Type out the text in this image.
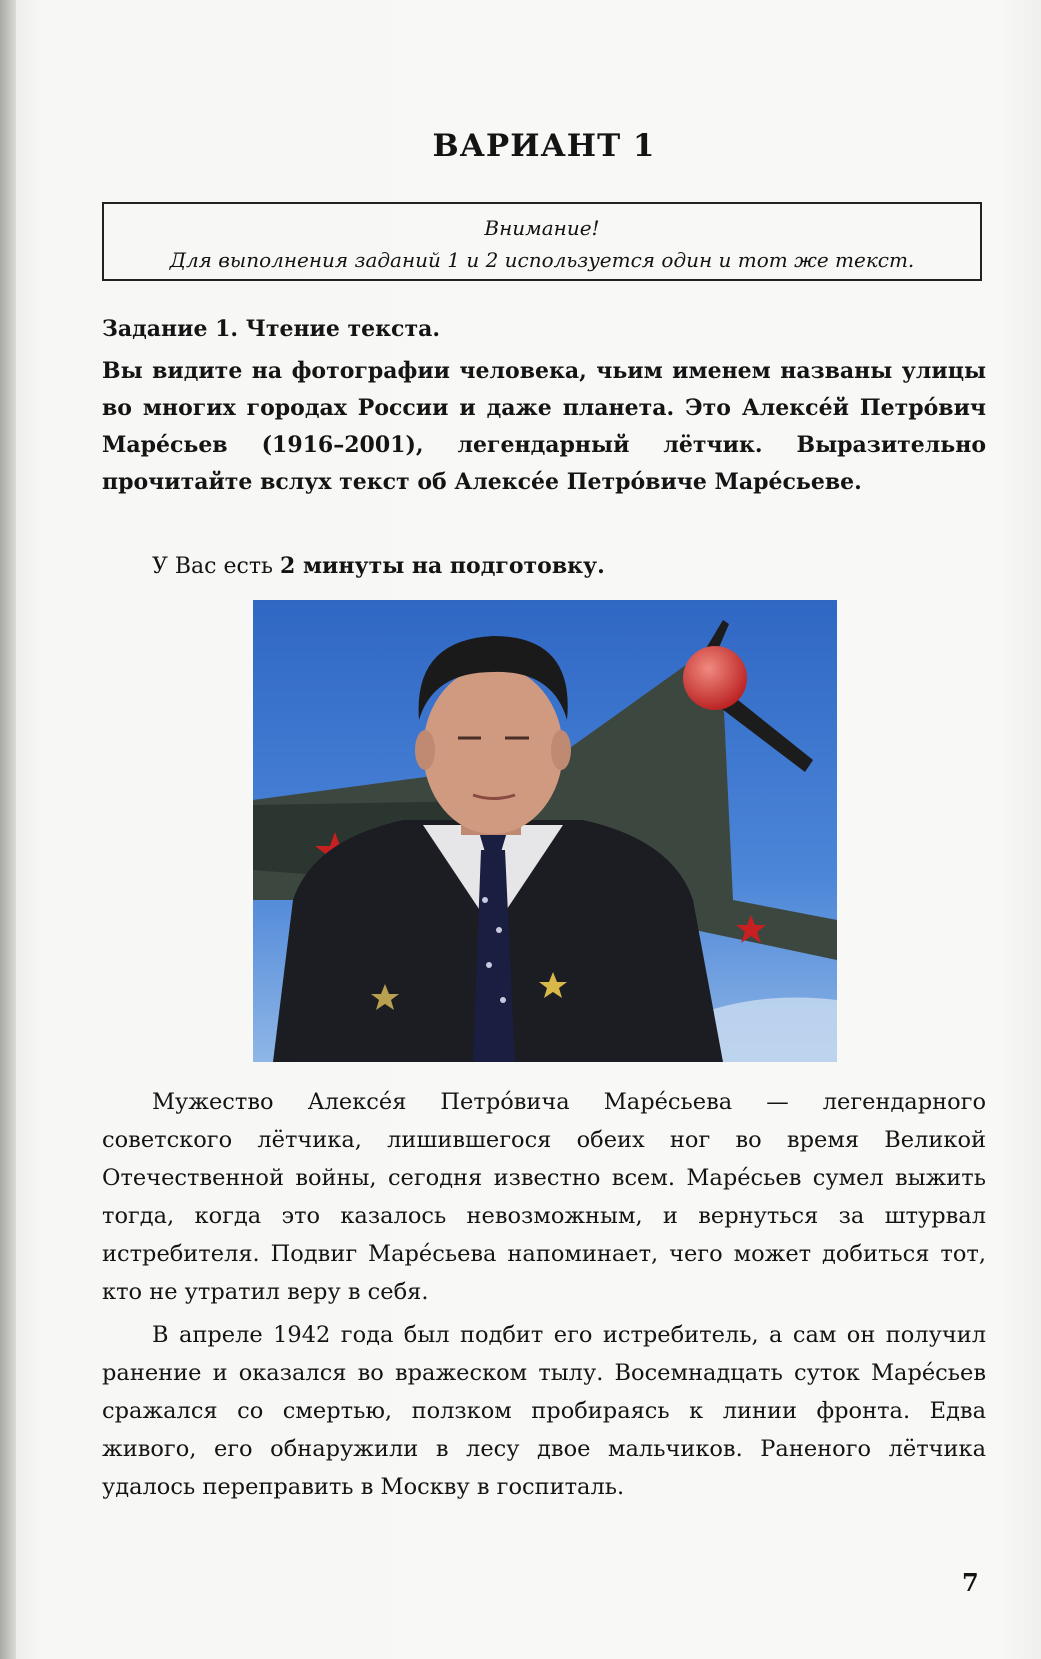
ВАРИАНТ 1
Внимание!
Для выполнения заданий 1 и 2 используется один и тот же текст.
Задание 1. Чтение текста.
Вы видите на фотографии человека, чьим именем названы улицы во многих городах России и даже планета. Это Алексе́й Петро́вич Маре́сьев (1916–2001), легендарный лётчик. Выразительно прочитайте вслух текст об Алексе́е Петро́виче Маре́сьеве.
У Вас есть 2 минуты на подготовку.
Мужество Алексе́я Петро́вича Маре́сьева — легендарного советского лётчика, лишившегося обеих ног во время Великой Отечественной войны, сегодня известно всем. Маре́сьев сумел выжить тогда, когда это казалось невозможным, и вернуться за штурвал истребителя. Подвиг Маре́сьева напоминает, чего может добиться тот, кто не утратил веру в себя.
В апреле 1942 года был подбит его истребитель, а сам он получил ранение и оказался во вражеском тылу. Восемнадцать суток Маре́сьев сражался со смертью, ползком пробираясь к линии фронта. Едва живого, его обнаружили в лесу двое мальчиков. Раненого лётчика удалось переправить в Москву в госпиталь.
7
